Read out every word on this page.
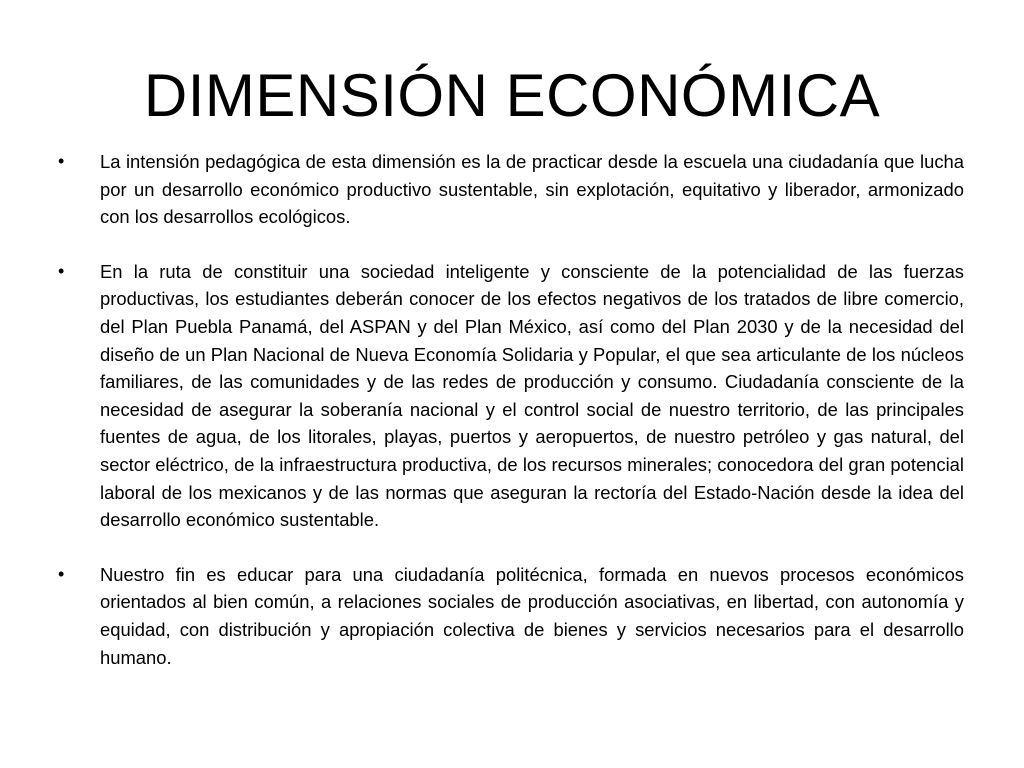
DIMENSIÓN ECONÓMICA
• La intensión pedagógica de esta dimensión es la de practicar desde la escuela una ciudadanía que lucha por un desarrollo económico productivo sustentable, sin explotación, equitativo y liberador, armonizado con los desarrollos ecológicos.
• En la ruta de constituir una sociedad inteligente y consciente de la potencialidad de las fuerzas productivas, los estudiantes deberán conocer de los efectos negativos de los tratados de libre comercio, del Plan Puebla Panamá, del ASPAN y del Plan México, así como del Plan 2030 y de la necesidad del diseño de un Plan Nacional de Nueva Economía Solidaria y Popular, el que sea articulante de los núcleos familiares, de las comunidades y de las redes de producción y consumo. Ciudadanía consciente de la necesidad de asegurar la soberanía nacional y el control social de nuestro territorio, de las principales fuentes de agua, de los litorales, playas, puertos y aeropuertos, de nuestro petróleo y gas natural, del sector eléctrico, de la infraestructura productiva, de los recursos minerales; conocedora del gran potencial laboral de los mexicanos y de las normas que aseguran la rectoría del Estado-Nación desde la idea del desarrollo económico sustentable.
• Nuestro fin es educar para una ciudadanía politécnica, formada en nuevos procesos económicos orientados al bien común, a relaciones sociales de producción asociativas, en libertad, con autonomía y equidad, con distribución y apropiación colectiva de bienes y servicios necesarios para el desarrollo humano.
